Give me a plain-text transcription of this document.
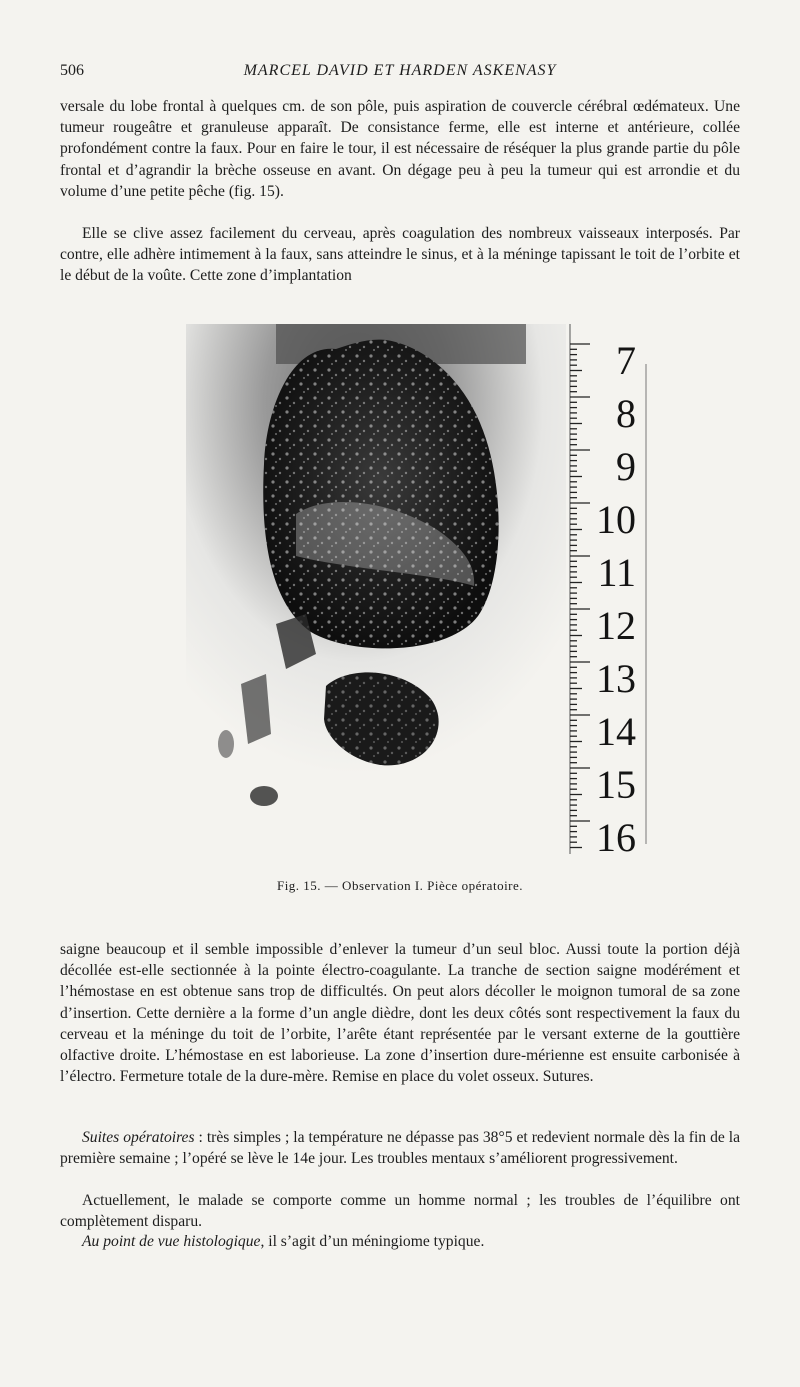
506	MARCEL DAVID ET HARDEN ASKENASY

versale du lobe frontal à quelques cm. de son pôle, puis aspiration de couvercle cérébral œdémateux. Une tumeur rougeâtre et granuleuse apparaît. De consistance ferme, elle est interne et antérieure, collée profondément contre la faux. Pour en faire le tour, il est nécessaire de réséquer la plus grande partie du pôle frontal et d’agrandir la brèche osseuse en avant. On dégage peu à peu la tumeur qui est arrondie et du volume d’une petite pêche (fig. 15).

Elle se clive assez facilement du cerveau, après coagulation des nombreux vaisseaux interposés. Par contre, elle adhère intimement à la faux, sans atteindre le sinus, et à la méninge tapissant le toit de l’orbite et le début de la voûte. Cette zone d’implantation

7
8
9
10
11
12
13
14
15
16
Fig. 15. — Observation I. Pièce opératoire.

saigne beaucoup et il semble impossible d’enlever la tumeur d’un seul bloc. Aussi toute la portion déjà décollée est-elle sectionnée à la pointe électro-coagulante. La tranche de section saigne modérément et l’hémostase en est obtenue sans trop de difficultés. On peut alors décoller le moignon tumoral de sa zone d’insertion. Cette dernière a la forme d’un angle dièdre, dont les deux côtés sont respectivement la faux du cerveau et la méninge du toit de l’orbite, l’arête étant représentée par le versant externe de la gouttière olfactive droite. L’hémostase en est laborieuse. La zone d’insertion dure-mérienne est ensuite carbonisée à l’électro. Fermeture totale de la dure-mère. Remise en place du volet osseux. Sutures.

Suites opératoires : très simples ; la température ne dépasse pas 38°5 et redevient normale dès la fin de la première semaine ; l’opéré se lève le 14e jour. Les troubles mentaux s’améliorent progressivement.

Actuellement, le malade se comporte comme un homme normal ; les troubles de l’équilibre ont complètement disparu.

Au point de vue histologique, il s’agit d’un méningiome typique.
